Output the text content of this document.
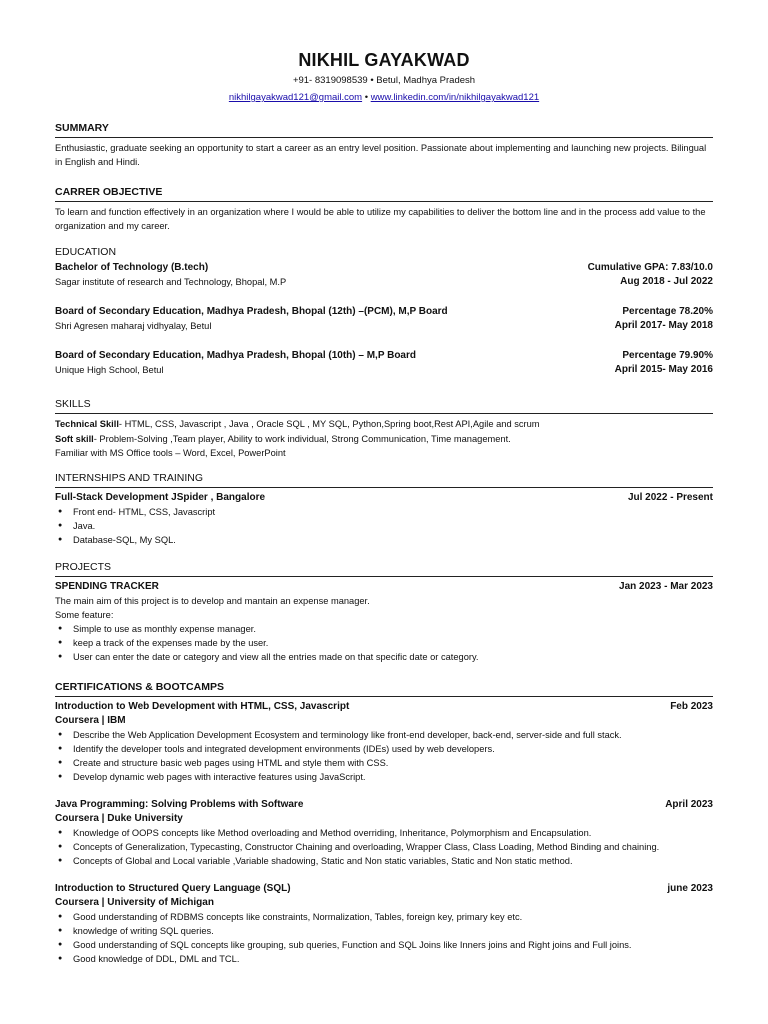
NIKHIL GAYAKWAD
+91- 8319098539 • Betul, Madhya Pradesh
nikhilgayakwad121@gmail.com • www.linkedin.com/in/nikhilgayakwad121
SUMMARY
Enthusiastic, graduate seeking an opportunity to start a career as an entry level position. Passionate about implementing and launching new projects. Bilingual in English and Hindi.
CARRER OBJECTIVE
To learn and function effectively in an organization where I would be able to utilize my capabilities to deliver the bottom line and in the process add value to the organization and my career.
EDUCATION
Bachelor of Technology (B.tech)	Cumulative GPA: 7.83/10.0
Sagar institute of research and Technology, Bhopal, M.P	Aug 2018 - Jul 2022
Board of Secondary Education, Madhya Pradesh, Bhopal (12th) –(PCM), M,P Board	Percentage 78.20%
Shri Agresen maharaj vidhyalay, Betul	April 2017- May 2018
Board of Secondary Education, Madhya Pradesh, Bhopal (10th) – M,P Board	Percentage 79.90%
Unique High School, Betul	April 2015- May 2016
SKILLS
Technical Skill- HTML, CSS, Javascript , Java , Oracle SQL , MY SQL, Python,Spring boot,Rest API,Agile and scrum
Soft skill- Problem-Solving ,Team player, Ability to work individual, Strong Communication, Time management.
Familiar with MS Office tools – Word, Excel, PowerPoint
INTERNSHIPS AND TRAINING
Full-Stack Development JSpider , Bangalore	Jul 2022 - Present
● Front end- HTML, CSS, Javascript
● Java.
● Database-SQL, My SQL.
PROJECTS
SPENDING TRACKER	Jan 2023 - Mar 2023
The main aim of this project is to develop and mantain an expense manager.
Some feature:
● Simple to use as monthly expense manager.
● keep a track of the expenses made by the user.
● User can enter the date or category and view all the entries made on that specific date or category.
CERTIFICATIONS & BOOTCAMPS
Introduction to Web Development with HTML, CSS, Javascript	Feb 2023
Coursera | IBM
● Describe the Web Application Development Ecosystem and terminology like front-end developer, back-end, server-side and full stack.
● Identify the developer tools and integrated development environments (IDEs) used by web developers.
● Create and structure basic web pages using HTML and style them with CSS.
● Develop dynamic web pages with interactive features using JavaScript.
Java Programming: Solving Problems with Software	April 2023
Coursera | Duke University
● Knowledge of OOPS concepts like Method overloading and Method overriding, Inheritance, Polymorphism and Encapsulation.
● Concepts of Generalization, Typecasting, Constructor Chaining and overloading, Wrapper Class, Class Loading, Method Binding and chaining.
● Concepts of Global and Local variable ,Variable shadowing, Static and Non static variables, Static and Non static method.
Introduction to Structured Query Language (SQL)	june 2023
Coursera | University of Michigan
● Good understanding of RDBMS concepts like constraints, Normalization, Tables, foreign key, primary key etc.
● knowledge of writing SQL queries.
● Good understanding of SQL concepts like grouping, sub queries, Function and SQL Joins like Inners joins and Right joins and Full joins.
● Good knowledge of DDL, DML and TCL.
